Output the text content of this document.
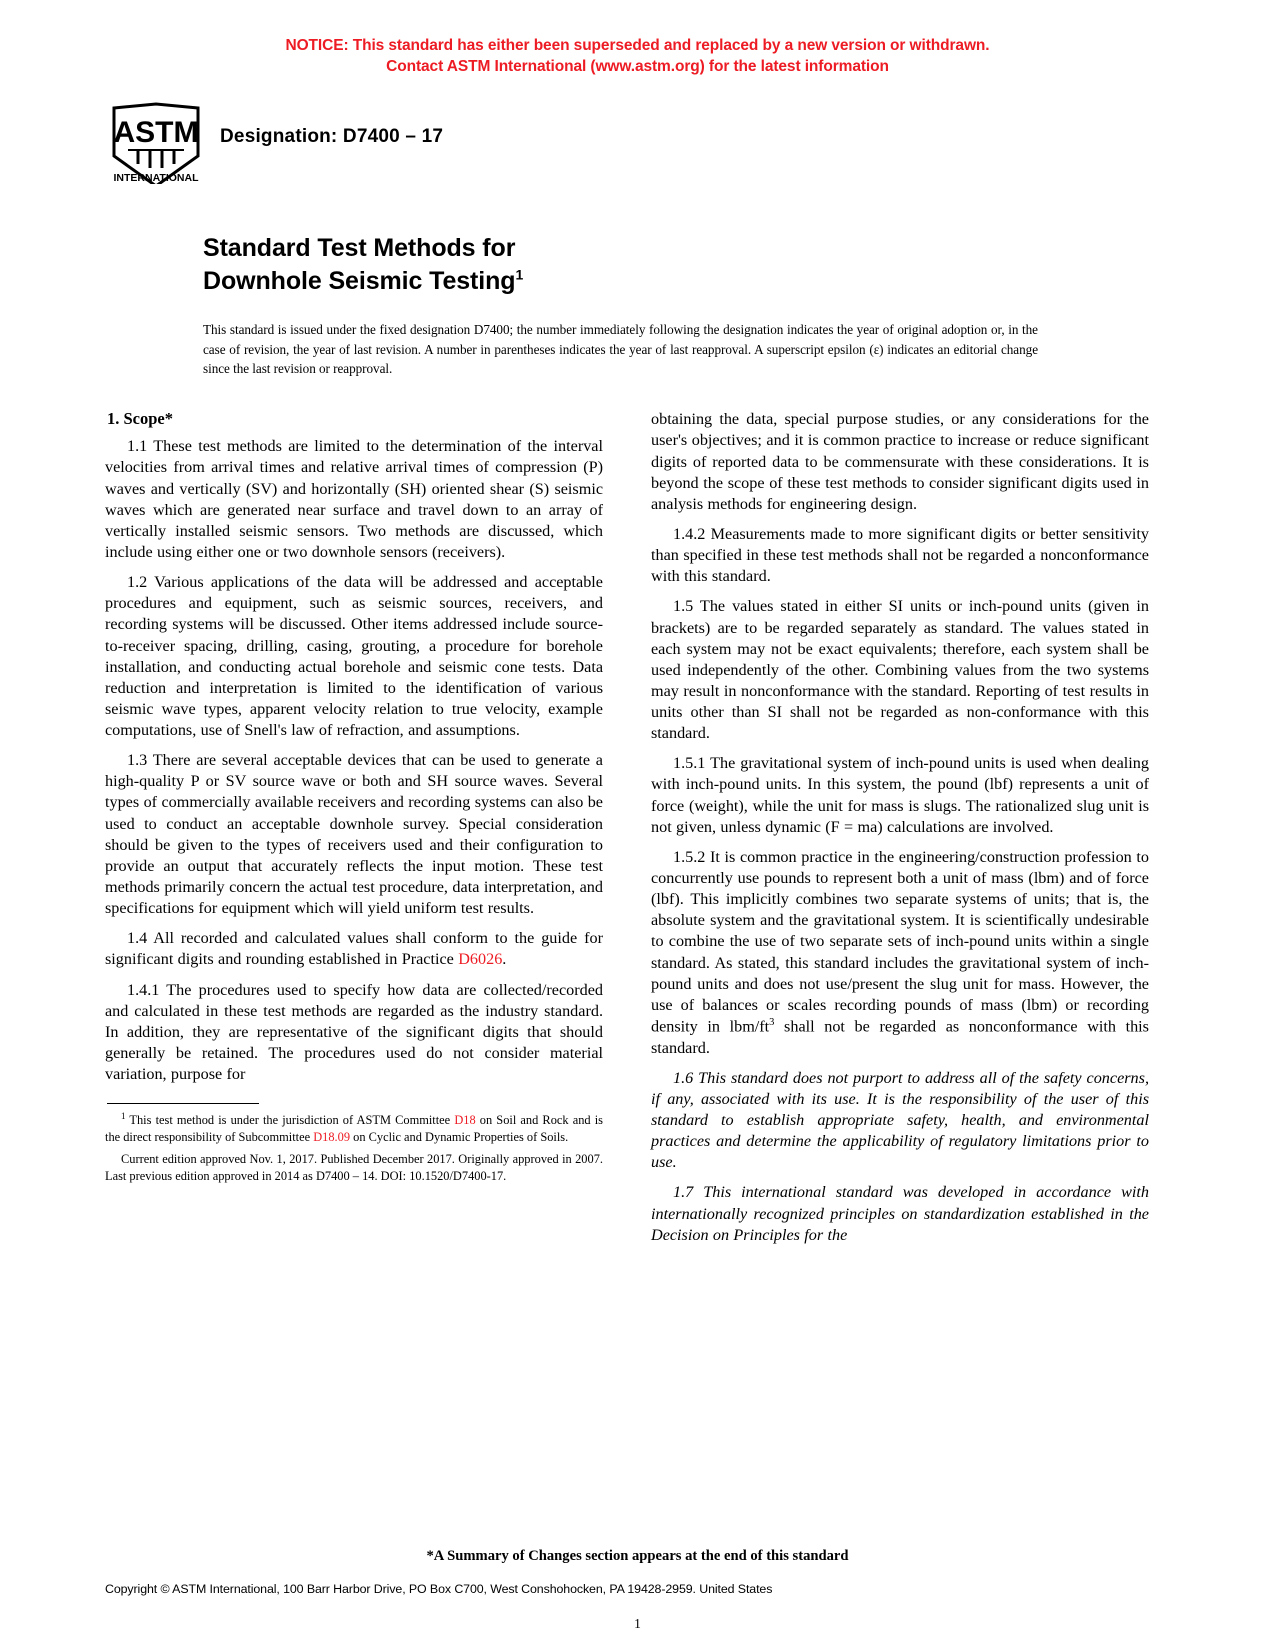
NOTICE: This standard has either been superseded and replaced by a new version or withdrawn.
Contact ASTM International (www.astm.org) for the latest information
ASTM
INTERNATIONAL
Designation: D7400 – 17
Standard Test Methods for
Downhole Seismic Testing$^1$
This standard is issued under the fixed designation D7400; the number immediately following the designation indicates the year of original adoption or, in the case of revision, the year of last revision. A number in parentheses indicates the year of last reapproval. A superscript epsilon (ε) indicates an editorial change since the last revision or reapproval.
1. Scope*

1.1 These test methods are limited to the determination of the interval velocities from arrival times and relative arrival times of compression (P) waves and vertically (SV) and horizontally (SH) oriented shear (S) seismic waves which are generated near surface and travel down to an array of vertically installed seismic sensors. Two methods are discussed, which include using either one or two downhole sensors (receivers).

1.2 Various applications of the data will be addressed and acceptable procedures and equipment, such as seismic sources, receivers, and recording systems will be discussed. Other items addressed include source-to-receiver spacing, drilling, casing, grouting, a procedure for borehole installation, and conducting actual borehole and seismic cone tests. Data reduction and interpretation is limited to the identification of various seismic wave types, apparent velocity relation to true velocity, example computations, use of Snell's law of refraction, and assumptions.

1.3 There are several acceptable devices that can be used to generate a high-quality P or SV source wave or both and SH source waves. Several types of commercially available receivers and recording systems can also be used to conduct an acceptable downhole survey. Special consideration should be given to the types of receivers used and their configuration to provide an output that accurately reflects the input motion. These test methods primarily concern the actual test procedure, data interpretation, and specifications for equipment which will yield uniform test results.

1.4 All recorded and calculated values shall conform to the guide for significant digits and rounding established in Practice D6026.

1.4.1 The procedures used to specify how data are collected/recorded and calculated in these test methods are regarded as the industry standard. In addition, they are representative of the significant digits that should generally be retained. The procedures used do not consider material variation, purpose for

$^1$ This test method is under the jurisdiction of ASTM Committee D18 on Soil and Rock and is the direct responsibility of Subcommittee D18.09 on Cyclic and Dynamic Properties of Soils.

Current edition approved Nov. 1, 2017. Published December 2017. Originally approved in 2007. Last previous edition approved in 2014 as D7400 – 14. DOI: 10.1520/D7400-17.

obtaining the data, special purpose studies, or any considerations for the user's objectives; and it is common practice to increase or reduce significant digits of reported data to be commensurate with these considerations. It is beyond the scope of these test methods to consider significant digits used in analysis methods for engineering design.

1.4.2 Measurements made to more significant digits or better sensitivity than specified in these test methods shall not be regarded a nonconformance with this standard.

1.5 The values stated in either SI units or inch-pound units (given in brackets) are to be regarded separately as standard. The values stated in each system may not be exact equivalents; therefore, each system shall be used independently of the other. Combining values from the two systems may result in nonconformance with the standard. Reporting of test results in units other than SI shall not be regarded as non-conformance with this standard.

1.5.1 The gravitational system of inch-pound units is used when dealing with inch-pound units. In this system, the pound (lbf) represents a unit of force (weight), while the unit for mass is slugs. The rationalized slug unit is not given, unless dynamic (F = ma) calculations are involved.

1.5.2 It is common practice in the engineering/construction profession to concurrently use pounds to represent both a unit of mass (lbm) and of force (lbf). This implicitly combines two separate systems of units; that is, the absolute system and the gravitational system. It is scientifically undesirable to combine the use of two separate sets of inch-pound units within a single standard. As stated, this standard includes the gravitational system of inch-pound units and does not use/present the slug unit for mass. However, the use of balances or scales recording pounds of mass (lbm) or recording density in lbm/$ft^3$ shall not be regarded as nonconformance with this standard.

1.6 This standard does not purport to address all of the safety concerns, if any, associated with its use. It is the responsibility of the user of this standard to establish appropriate safety, health, and environmental practices and determine the applicability of regulatory limitations prior to use.

1.7 This international standard was developed in accordance with internationally recognized principles on standardization established in the Decision on Principles for the

*A Summary of Changes section appears at the end of this standard
Copyright © ASTM International, 100 Barr Harbor Drive, PO Box C700, West Conshohocken, PA 19428-2959. United States
1
